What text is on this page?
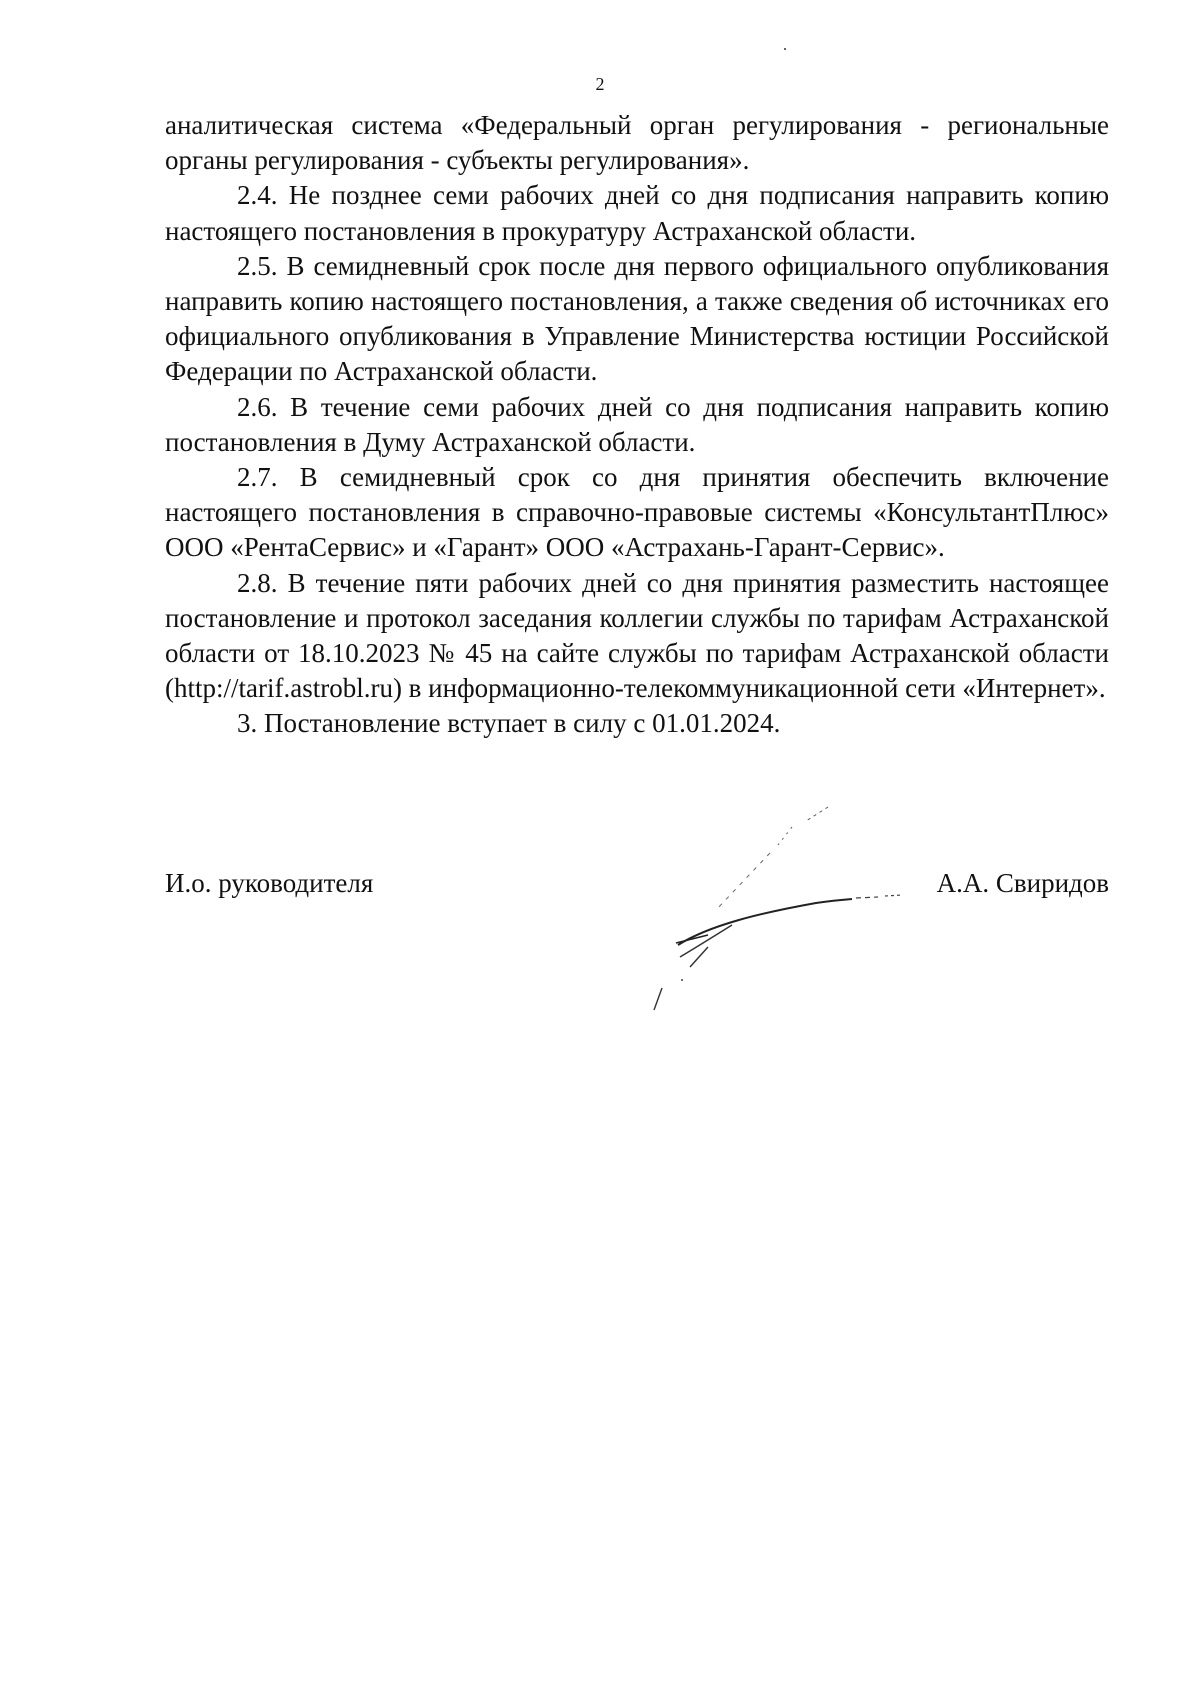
2

аналитическая система «Федеральный орган регулирования - региональные органы регулирования - субъекты регулирования».

2.4. Не позднее семи рабочих дней со дня подписания направить копию настоящего постановления в прокуратуру Астраханской области.

2.5. В семидневный срок после дня первого официального опубликования направить копию настоящего постановления, а также сведения об источниках его официального опубликования в Управление Министерства юстиции Российской Федерации по Астраханской области.

2.6. В течение семи рабочих дней со дня подписания направить копию постановления в Думу Астраханской области.

2.7. В семидневный срок со дня принятия обеспечить включение настоящего постановления в справочно-правовые системы «КонсультантПлюс» ООО «РентаСервис» и «Гарант» ООО «Астрахань-Гарант-Сервис».

2.8. В течение пяти рабочих дней со дня принятия разместить настоящее постановление и протокол заседания коллегии службы по тарифам Астраханской области от 18.10.2023 № 45 на сайте службы по тарифам Астраханской области (http://tarif.astrobl.ru) в информационно-телекоммуникационной сети «Интернет».

3. Постановление вступает в силу с 01.01.2024.

И.о. руководителя	А.А. Свиридов
